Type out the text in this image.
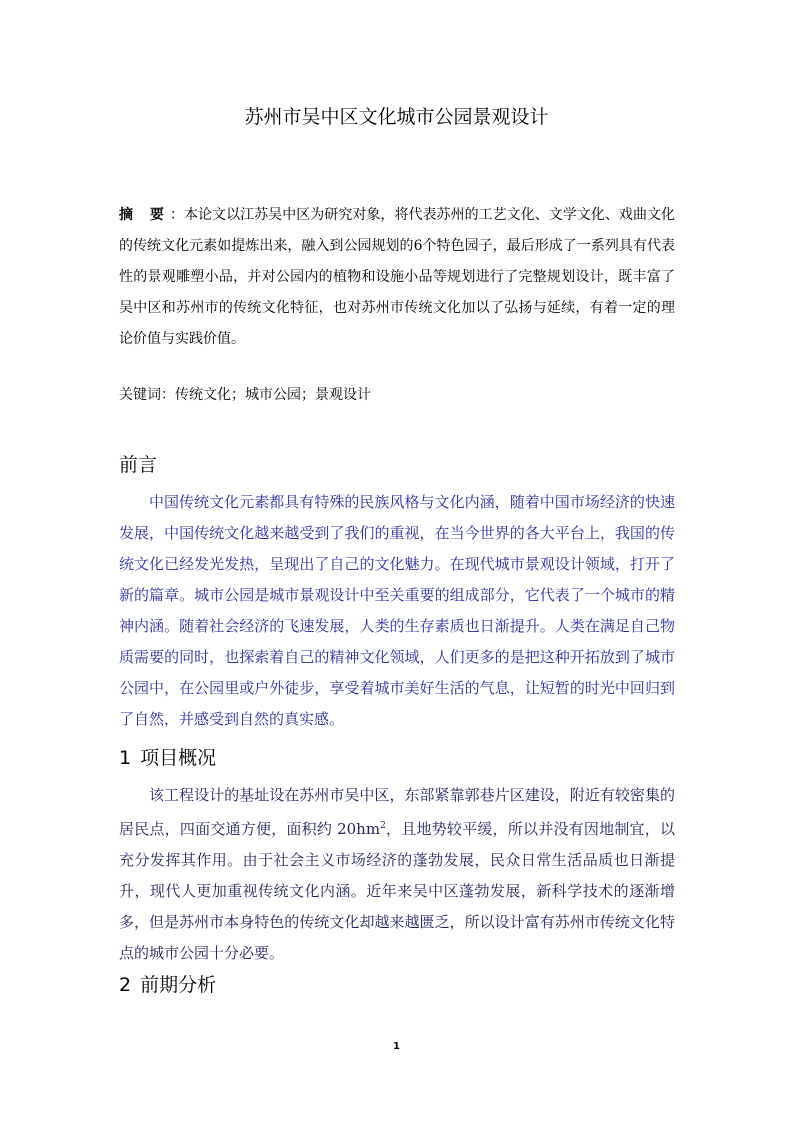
苏州市吴中区文化城市公园景观设计
摘 要：本论文以江苏吴中区为研究对象，将代表苏州的工艺文化、文学文化、戏曲文化的传统文化元素如提炼出来，融入到公园规划的6个特色园子，最后形成了一系列具有代表性的景观雕塑小品，并对公园内的植物和设施小品等规划进行了完整规划设计，既丰富了吴中区和苏州市的传统文化特征，也对苏州市传统文化加以了弘扬与延续，有着一定的理论价值与实践价值。
关键词：传统文化；城市公园；景观设计
前言
中国传统文化元素都具有特殊的民族风格与文化内涵，随着中国市场经济的快速发展，中国传统文化越来越受到了我们的重视，在当今世界的各大平台上，我国的传统文化已经发光发热，呈现出了自己的文化魅力。在现代城市景观设计领域，打开了新的篇章。城市公园是城市景观设计中至关重要的组成部分，它代表了一个城市的精神内涵。随着社会经济的飞速发展，人类的生存素质也日渐提升。人类在满足自己物质需要的同时，也探索着自己的精神文化领域，人们更多的是把这种开拓放到了城市公园中，在公园里或户外徒步，享受着城市美好生活的气息，让短暂的时光中回归到了自然，并感受到自然的真实感。
1 项目概况
该工程设计的基址设在苏州市吴中区，东部紧靠郭巷片区建设，附近有较密集的居民点，四面交通方便，面积约 $20hm^2$，且地势较平缓，所以并没有因地制宜，以充分发挥其作用。由于社会主义市场经济的蓬勃发展，民众日常生活品质也日渐提升，现代人更加重视传统文化内涵。近年来吴中区蓬勃发展，新科学技术的逐渐增多，但是苏州市本身特色的传统文化却越来越匮乏，所以设计富有苏州市传统文化特点的城市公园十分必要。
2 前期分析
1
